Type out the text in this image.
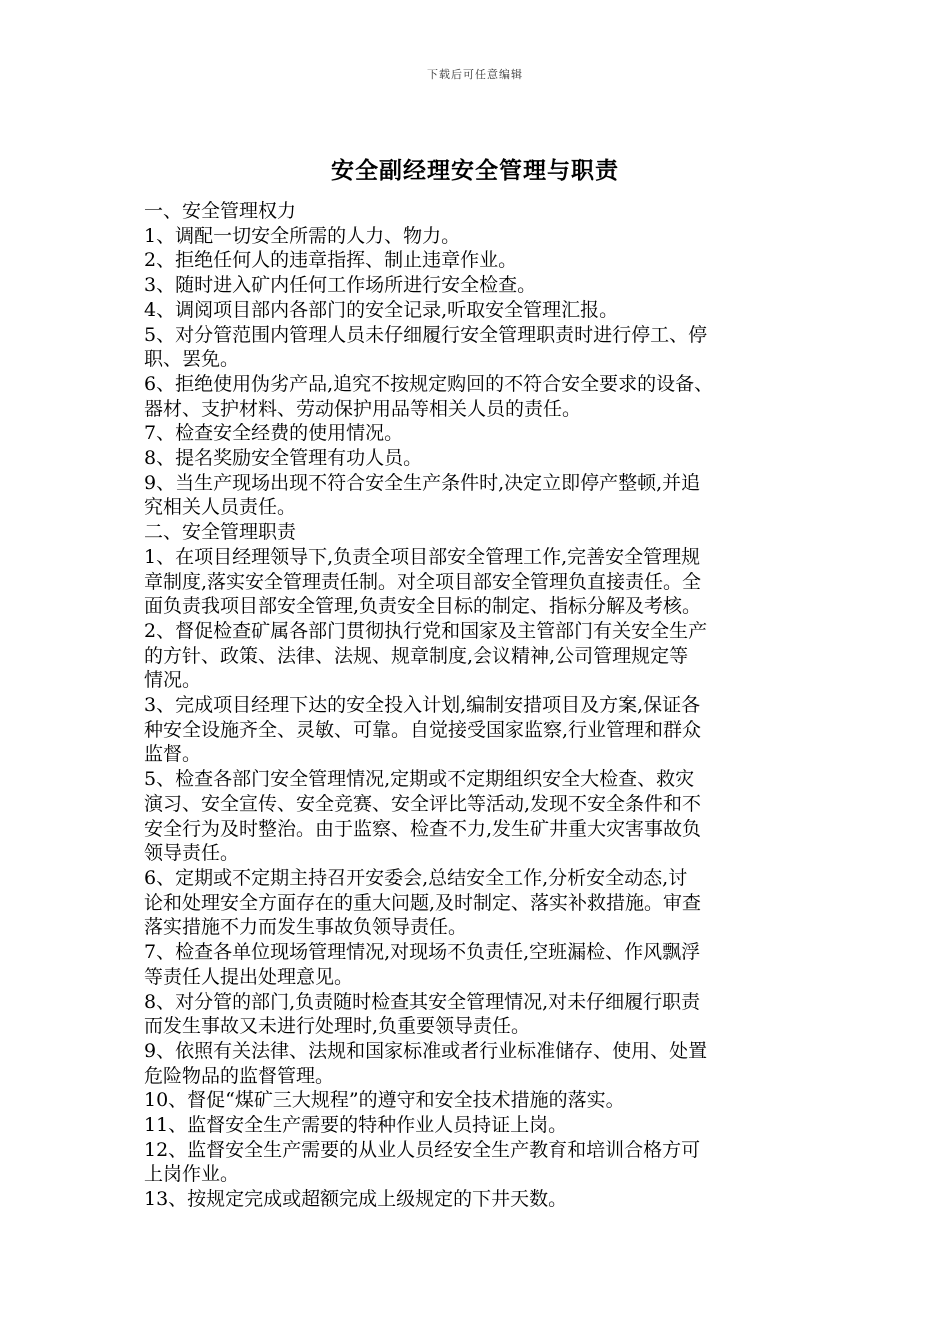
下载后可任意编辑
安全副经理安全管理与职责
一、安全管理权力
1、调配一切安全所需的人力、物力。
2、拒绝任何人的违章指挥、制止违章作业。
3、随时进入矿内任何工作场所进行安全检查。
4、调阅项目部内各部门的安全记录,听取安全管理汇报。
5、对分管范围内管理人员未仔细履行安全管理职责时进行停工、停
职、罢免。
6、拒绝使用伪劣产品,追究不按规定购回的不符合安全要求的设备、
器材、支护材料、劳动保护用品等相关人员的责任。
7、检查安全经费的使用情况。
8、提名奖励安全管理有功人员。
9、当生产现场出现不符合安全生产条件时,决定立即停产整顿,并追
究相关人员责任。
二、安全管理职责
1、在项目经理领导下,负责全项目部安全管理工作,完善安全管理规
章制度,落实安全管理责任制。对全项目部安全管理负直接责任。全
面负责我项目部安全管理,负责安全目标的制定、指标分解及考核。
2、督促检查矿属各部门贯彻执行党和国家及主管部门有关安全生产
的方针、政策、法律、法规、规章制度,会议精神,公司管理规定等
情况。
3、完成项目经理下达的安全投入计划,编制安措项目及方案,保证各
种安全设施齐全、灵敏、可靠。自觉接受国家监察,行业管理和群众
监督。
5、检查各部门安全管理情况,定期或不定期组织安全大检查、救灾
演习、安全宣传、安全竞赛、安全评比等活动,发现不安全条件和不
安全行为及时整治。由于监察、检查不力,发生矿井重大灾害事故负
领导责任。
6、定期或不定期主持召开安委会,总结安全工作,分析安全动态,讨
论和处理安全方面存在的重大问题,及时制定、落实补救措施。审查
落实措施不力而发生事故负领导责任。
7、检查各单位现场管理情况,对现场不负责任,空班漏检、作风飘浮
等责任人提出处理意见。
8、对分管的部门,负责随时检查其安全管理情况,对未仔细履行职责
而发生事故又未进行处理时,负重要领导责任。
9、依照有关法律、法规和国家标准或者行业标准储存、使用、处置
危险物品的监督管理。
10、督促“煤矿三大规程”的遵守和安全技术措施的落实。
11、监督安全生产需要的特种作业人员持证上岗。
12、监督安全生产需要的从业人员经安全生产教育和培训合格方可
上岗作业。
13、按规定完成或超额完成上级规定的下井天数。
